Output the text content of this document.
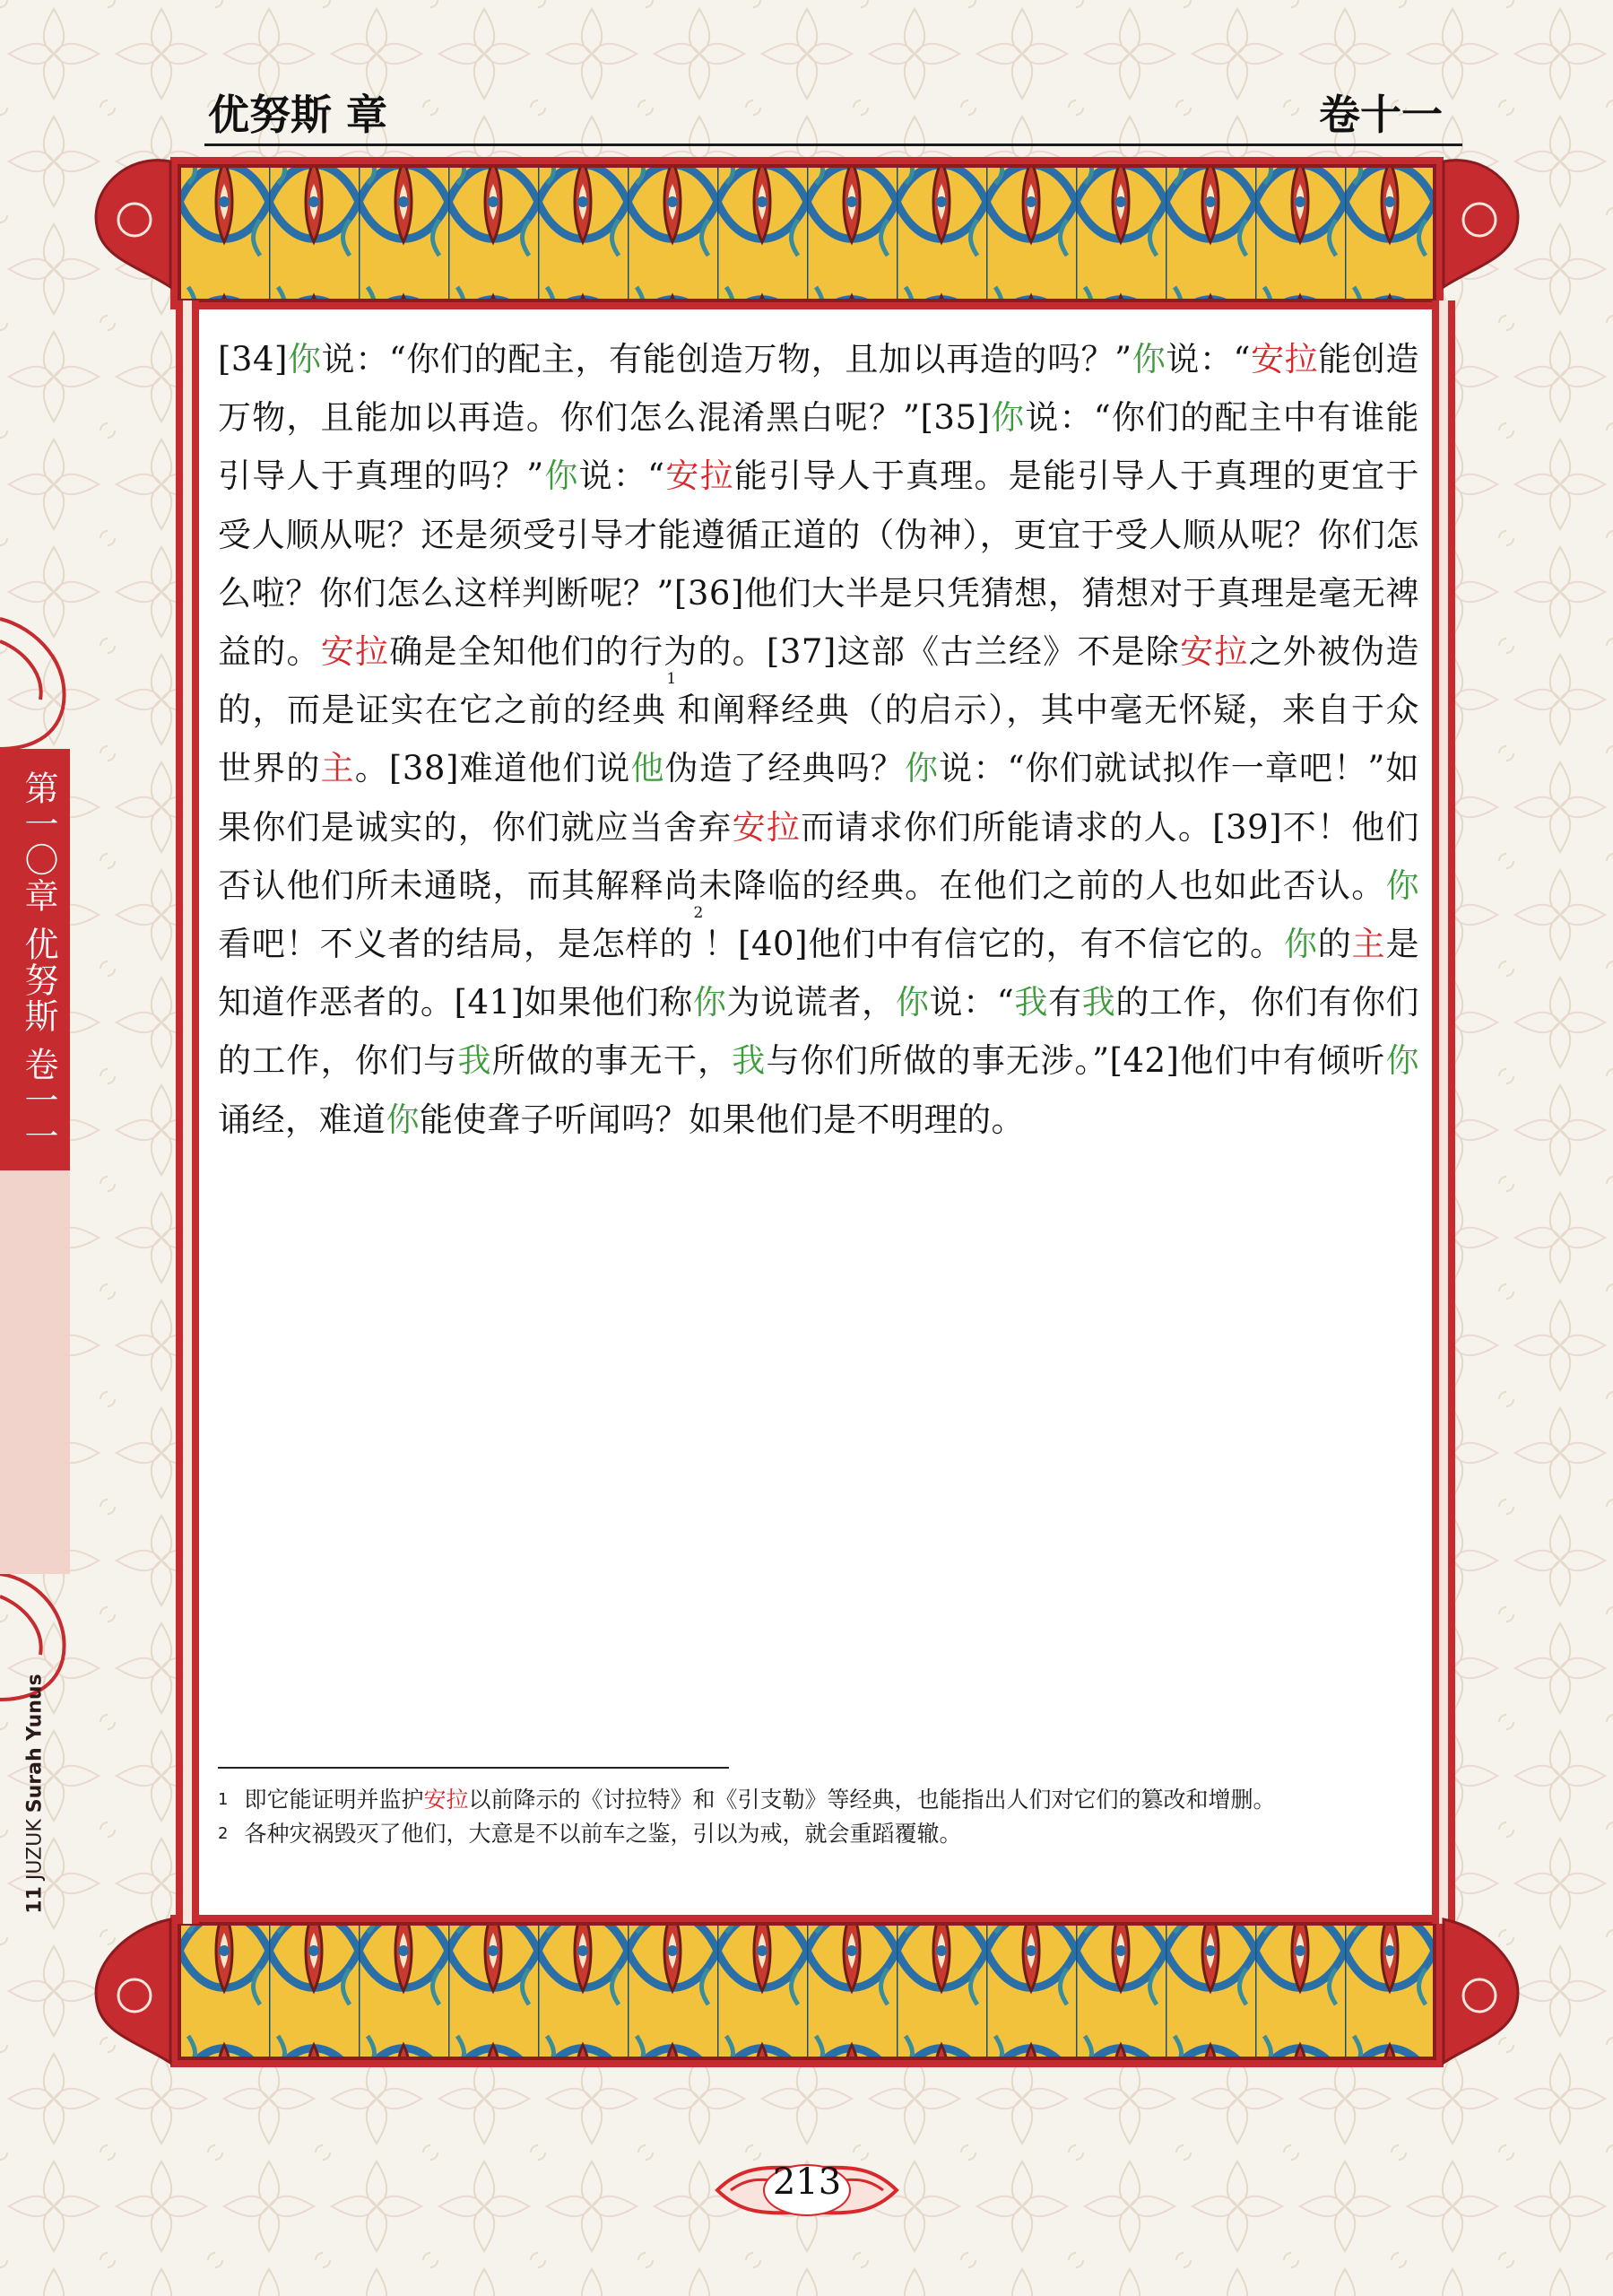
优努斯 章	卷十一
[34]你说：“你们的配主，有能创造万物，且加以再造的吗？”你说：“安拉能创造万物，且能加以再造。你们怎么混淆黑白呢？”[35]你说：“你们的配主中有谁能引导人于真理的吗？”你说：“安拉能引导人于真理。是能引导人于真理的更宜于受人顺从呢？还是须受引导才能遵循正道的（伪神），更宜于受人顺从呢？你们怎么啦？你们怎么这样判断呢？”[36]他们大半是只凭猜想，猜想对于真理是毫无裨益的。安拉确是全知他们的行为的。[37]这部《古兰经》不是除安拉之外被伪造的，而是证实在它之前的经典$^1$和阐释经典（的启示），其中毫无怀疑，来自于众世界的主。[38]难道他们说他伪造了经典吗？你说：“你们就试拟作一章吧！”如果你们是诚实的，你们就应当舍弃安拉而请求你们所能请求的人。[39]不！他们否认他们所未通晓，而其解释尚未降临的经典。在他们之前的人也如此否认。你看吧！不义者的结局，是怎样的$^2$！[40]他们中有信它的，有不信它的。你的主是知道作恶者的。[41]如果他们称你为说谎者，你说：“我有我的工作，你们有你们的工作，你们与我所做的事无干，我与你们所做的事无涉。”[42]他们中有倾听你诵经，难道你能使聋子听闻吗？如果他们是不明理的。
$^1$ 即它能证明并监护安拉以前降示的《讨拉特》和《引支勒》等经典，也能指出人们对它们的篡改和增删。
$^2$ 各种灾祸毁灭了他们，大意是不以前车之鉴，引以为戒，就会重蹈覆辙。
第一〇章 优努斯 卷一一
11 JUZUK Surah Yunus
213
